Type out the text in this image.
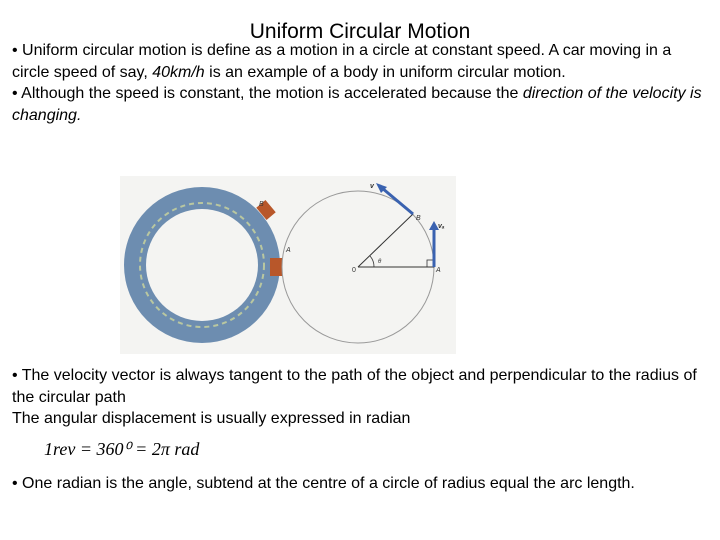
Uniform Circular Motion

• Uniform circular motion is define as a motion in a circle at constant speed. A car moving in a circle speed of say, 40km/h is an example of a body in uniform circular motion.

• Although the speed is constant, the motion is accelerated because the direction of the velocity is changing.

B
A
v
B
vₐ
0
θ
A

• The velocity vector is always tangent to the path of the object and perpendicular to the radius of the circular path

The angular displacement is usually expressed in radian

1rev = 360⁰ = 2π rad

• One radian is the angle, subtend at the centre of a circle of radius equal the arc length.
